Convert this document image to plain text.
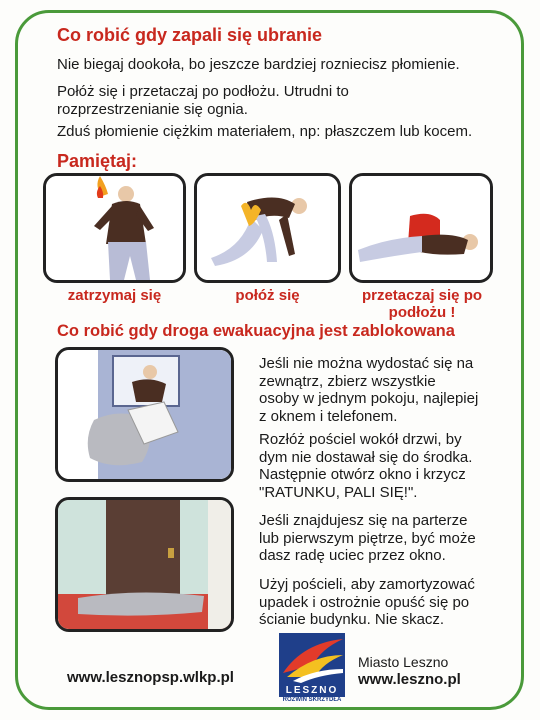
Co robić gdy zapali się ubranie
Nie biegaj dookoła, bo jeszcze bardziej rozniecisz płomienie.
Połóż się i przetaczaj po podłożu. Utrudni to rozprzestrzenianie się ognia.
Zduś płomienie ciężkim materiałem, np: płaszczem lub kocem.
Pamiętaj:
zatrzymaj się	połóż się	przetaczaj się po podłożu !
Co robić gdy droga ewakuacyjna jest zablokowana
Jeśli nie można wydostać się na zewnątrz, zbierz wszystkie osoby w jednym pokoju, najlepiej z oknem i telefonem.
Rozłóż pościel wokół drzwi, by dym nie dostawał się do środka. Następnie otwórz okno i krzycz "RATUNKU, PALI SIĘ!".
Jeśli znajdujesz się na parterze lub pierwszym piętrze, być może dasz radę uciec przez okno.
Użyj pościeli, aby zamortyzować upadek i ostrożnie opuść się po ścianie budynku. Nie skacz.
www.lesznopsp.wlkp.pl
LESZNO
ROZWIŃ SKRZYDŁA
Miasto Leszno
www.leszno.pl
